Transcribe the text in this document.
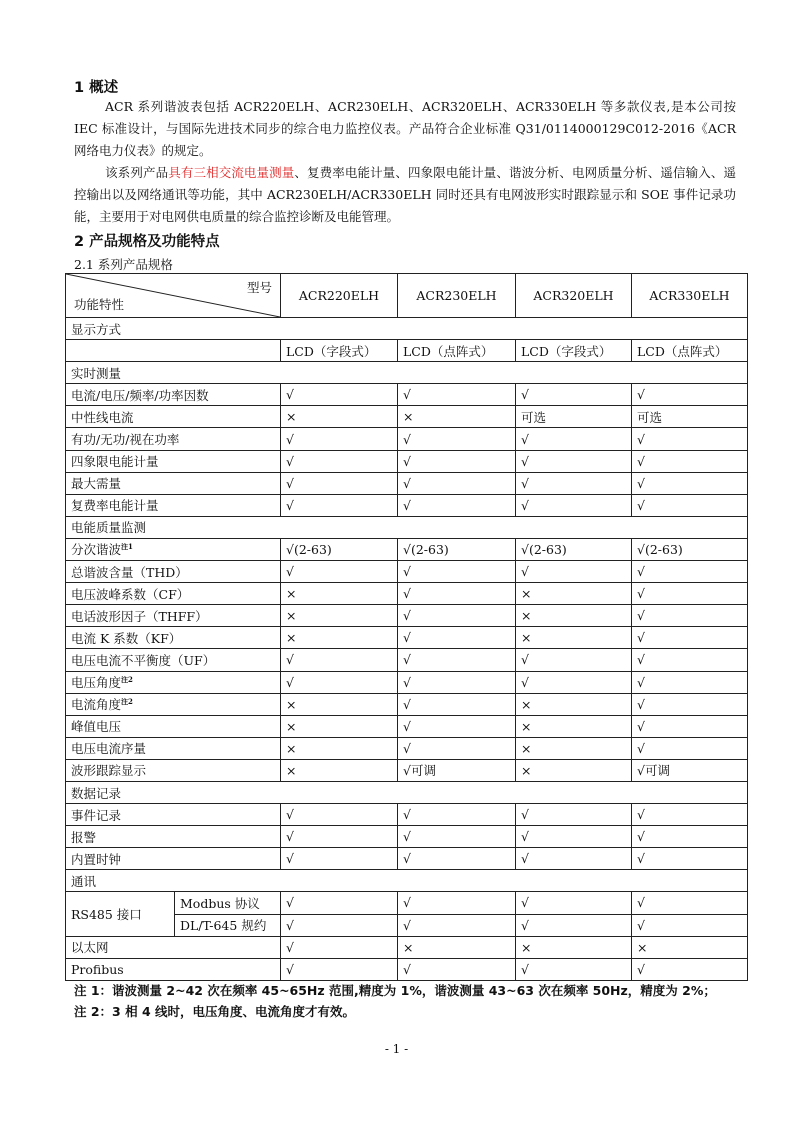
1 概述

ACR 系列谐波表包括 ACR220ELH、ACR230ELH、ACR320ELH、ACR330ELH 等多款仪表,是本公司按 IEC 标准设计，与国际先进技术同步的综合电力监控仪表。产品符合企业标准 Q31/0114000129C012-2016《ACR 网络电力仪表》的规定。

该系列产品具有三相交流电量测量、复费率电能计量、四象限电能计量、谐波分析、电网质量分析、遥信输入、遥控输出以及网络通讯等功能，其中 ACR230ELH/ACR330ELH 同时还具有电网波形实时跟踪显示和 SOE 事件记录功能，主要用于对电网供电质量的综合监控诊断及电能管理。

2 产品规格及功能特点

2.1 系列产品规格

型号
功能特性		ACR220ELH	ACR230ELH	ACR320ELH	ACR330ELH
显示方式					
		LCD（字段式）	LCD（点阵式）	LCD（字段式）	LCD（点阵式）
实时测量					
电流/电压/频率/功率因数		√	√	√	√
中性线电流		×	×	可选	可选
有功/无功/视在功率		√	√	√	√
四象限电能计量		√	√	√	√
最大需量		√	√	√	√
复费率电能计量		√	√	√	√
电能质量监测					
分次谐波$^{注1}$		√(2-63)	√(2-63)	√(2-63)	√(2-63)
总谐波含量（THD）		√	√	√	√
电压波峰系数（CF）		×	√	×	√
电话波形因子（THFF）		×	√	×	√
电流 K 系数（KF）		×	√	×	√
电压电流不平衡度（UF）		√	√	√	√
电压角度$^{注2}$		√	√	√	√
电流角度$^{注2}$		×	√	×	√
峰值电压		×	√	×	√
电压电流序量		×	√	×	√
波形跟踪显示		×	√可调	×	√可调
数据记录					
事件记录		√	√	√	√
报警		√	√	√	√
内置时钟		√	√	√	√
通讯					
RS485 接口	Modbus 协议	√	√	√	√
	DL/T-645 规约	√	√	√	√
以太网		√	×	×	×
Profibus		√	√	√	√

注 1：谐波测量 2~42 次在频率 45~65Hz 范围,精度为 1%，谐波测量 43~63 次在频率 50Hz，精度为 2%；

注 2：3 相 4 线时，电压角度、电流角度才有效。

- 1 -
